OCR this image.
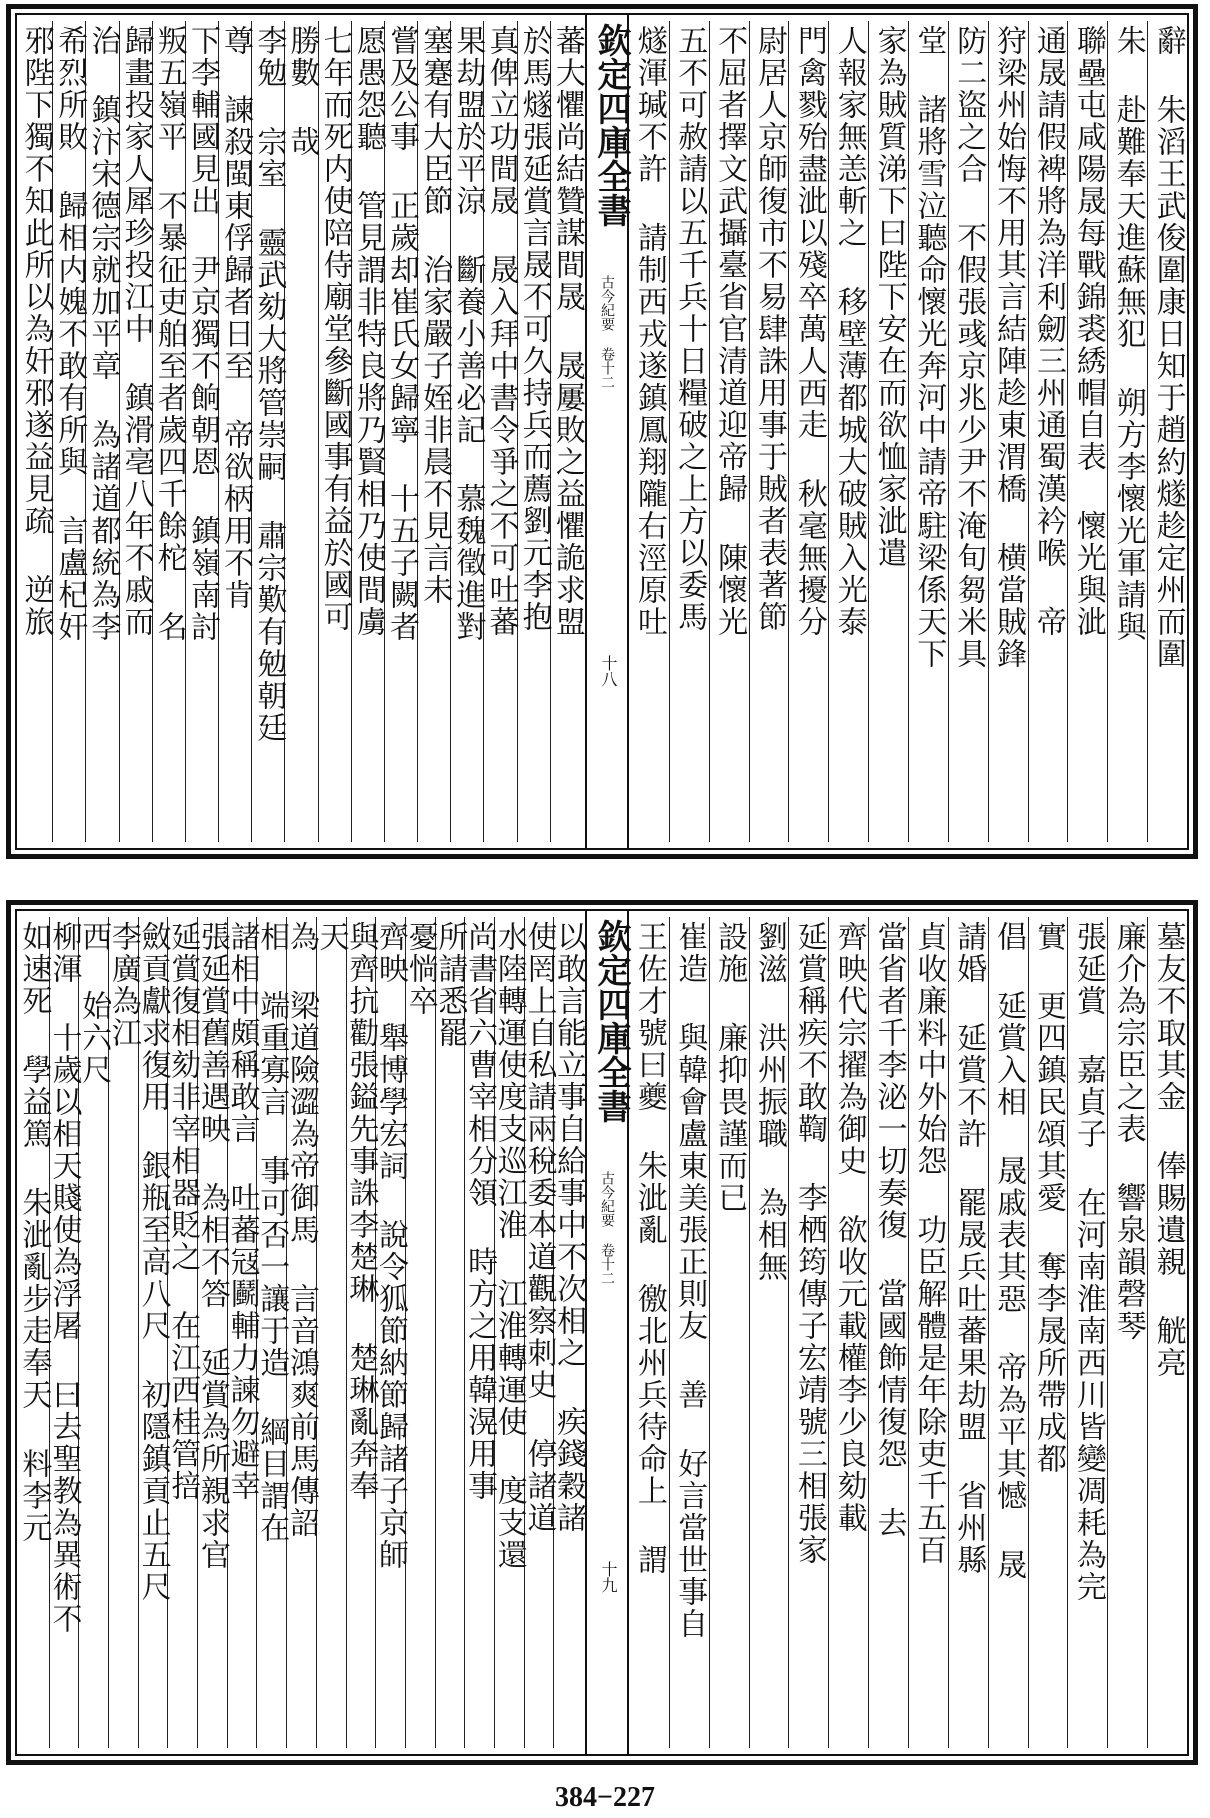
辭 朱滔王武俊圍康日知于趙約燧趁定州而圍
朱 赴難奉天進蘇無犯 朔方李懷光軍請與
聯壘屯咸陽晟每戰錦裘綉帽自表 懷光與泚
通晟請假裨將為洋利劒三州通蜀漢衿喉 帝
狩梁州始悔不用其言結陣趁東渭橋 横當賊鋒
防二盜之合 不假張彧京兆少尹不淹旬芻米具
堂 諸將雪泣聽命懷光奔河中請帝駐梁係天下
家為賊質涕下曰陛下安在而欲恤家泚遣
人報家無恙斬之 移壁薄都城大破賊入光泰
門禽戮殆盡泚以殘卒萬人西走 秋毫無擾分
尉居人京師復市不易肆誅用事于賊者表著節
不屈者擇文武攝臺省官清道迎帝歸 陳懷光
五不可赦請以五千兵十日糧破之上方以委馬
燧渾瑊不許 請制西戎遂鎮鳳翔隴右涇原吐
欽定四庫全書
古今紀要 卷十二
十八
蕃大懼尚結贊謀間晟 晟屢敗之益懼詭求盟
於馬燧張延賞言晟不可久持兵而薦劉元李抱
真俾立功間晟 晟入拜中書令爭之不可吐蕃
果劫盟於平涼 斷養小善必記 慕魏徵進對
塞蹇有大臣節 治家嚴子姪非晨不見言未
嘗及公事 正歲却崔氏女歸寧 十五子闕者
愿愚怨聽 管見謂非特良將乃賢相乃使間虜
七年而死内使陪侍廟堂參斷國事有益於國可
勝數 哉
李勉 宗室 靈武劾大將管崇嗣 肅宗歎有勉朝廷
尊 諫殺閩東俘歸者日至 帝欲柄用不肯
下李輔國見出 尹京獨不餉朝恩 鎮嶺南討
叛五嶺平 不暴征吏舶至者歲四千餘柁 名
歸畫投家人犀珍投江中 鎮滑亳八年不戚而
治 鎮汴宋德宗就加平章 為諸道都統為李
希烈所敗 歸相内媿不敢有所與 言盧杞奸
邪陛下獨不知此所以為奸邪遂益見疏 逆旅
墓友不取其金 俸賜遺親 觥亮
廉介為宗臣之表 響泉韻磬琴
張延賞 嘉貞子 在河南淮南西川皆變凋耗為完
實 更四鎮民頌其愛 奪李晟所帶成都
倡 延賞入相 晟戚表其惡 帝為平其憾 晟
請婚 延賞不許 罷晟兵吐蕃果劫盟 省州縣
貞收廉料中外始怨 功臣解體是年除吏千五百
當省者千李泌一切奏復 當國飾情復怨 去
齊映代宗擢為御史 欲收元載權李少良劾載
延賞稱疾不敢鞫 李栖筠傳子宏靖號三相張家
劉滋 洪州振職 為相無
設施 廉抑畏謹而已
崔造 與韓會盧東美張正則友 善 好言當世事自
王佐才號曰夔 朱泚亂 徼北州兵待命上 謂
欽定四庫全書
古今紀要 卷十二
十九
以敢言能立事自給事中不次相之 疾錢穀諸
使罔上自私請兩稅委本道觀察刺史 停諸道
水陸轉運使度支巡江淮 江淮轉運使 度支還
尚書省六曹宰相分領 時方之用韓滉用事
所請悉罷
憂惝卒
齊映 舉博學宏詞 說令狐節納節歸諸子京師
與齊抗勸張鎰先事誅李楚琳 楚琳亂奔奉
天
為 梁道險澀為帝御馬 言音鴻爽前馬傳詔
相 端重寡言 事可否一讓于造 綱目謂在
諸相中頗稱敢言 吐蕃冦鬬輔力諫勿避幸
張延賞舊善遇映 為相不答 延賞為所親求官
延賞復相劾非宰相器貶之 在江西桂管掊
斂貢獻求復用 銀瓶至高八尺 初隱鎮貢止五尺
李廣為江
西 始六尺
柳渾 十歲以相天賤使為浮屠 曰去聖教為異術不
如速死 學益篤 朱泚亂步走奉天 料李元
384−227
